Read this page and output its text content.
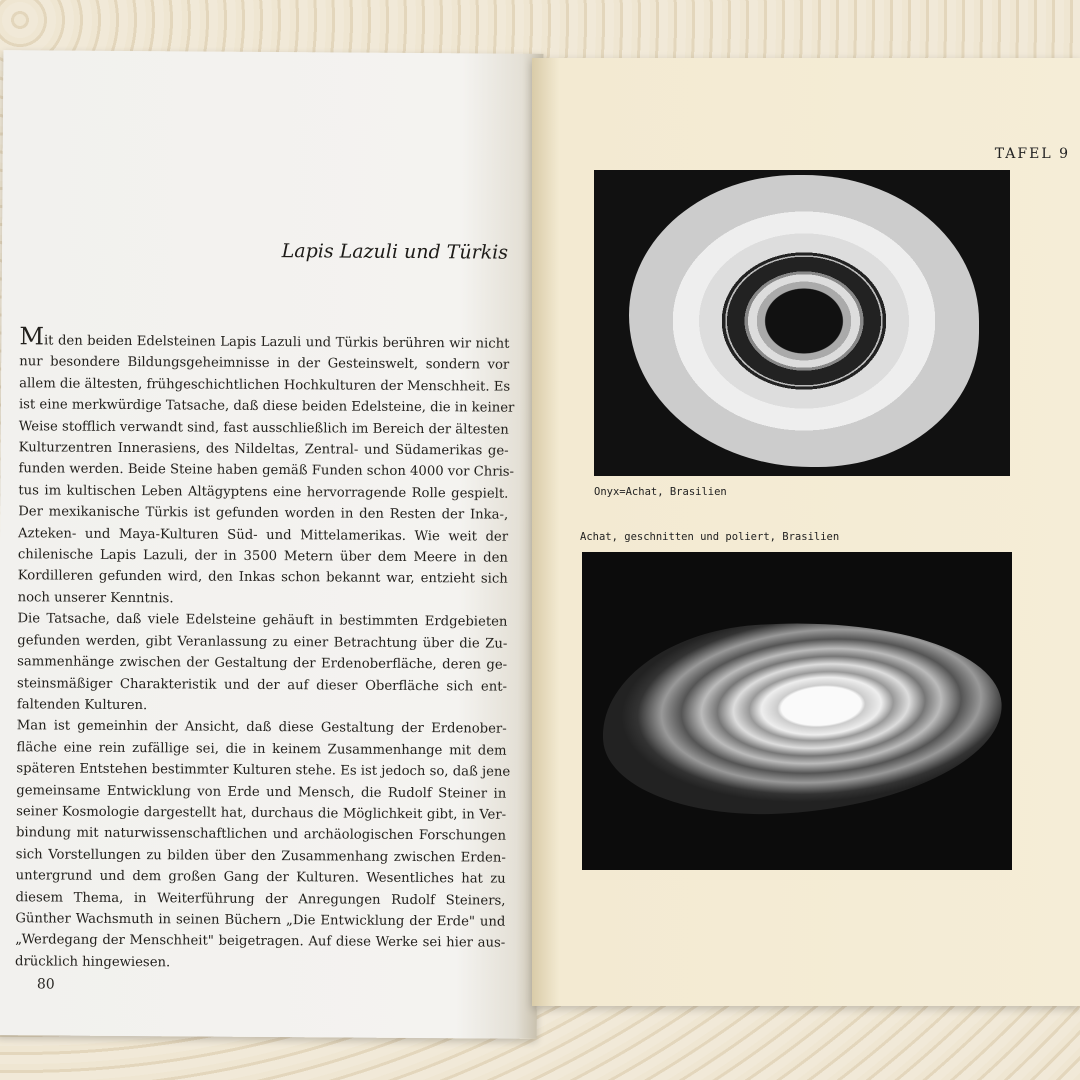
Lapis Lazuli und Türkis
Mit den beiden Edelsteinen Lapis Lazuli und Türkis berühren wir nicht
nur besondere Bildungsgeheimnisse in der Gesteinswelt, sondern vor
allem die ältesten, frühgeschichtlichen Hochkulturen der Menschheit. Es
ist eine merkwürdige Tatsache, daß diese beiden Edelsteine, die in keiner
Weise stofflich verwandt sind, fast ausschließlich im Bereich der ältesten
Kulturzentren Innerasiens, des Nildeltas, Zentral- und Südamerikas ge-
funden werden. Beide Steine haben gemäß Funden schon 4000 vor Chris-
tus im kultischen Leben Altägyptens eine hervorragende Rolle gespielt.
Der mexikanische Türkis ist gefunden worden in den Resten der Inka-,
Azteken- und Maya-Kulturen Süd- und Mittelamerikas. Wie weit der
chilenische Lapis Lazuli, der in 3500 Metern über dem Meere in den
Kordilleren gefunden wird, den Inkas schon bekannt war, entzieht sich
noch unserer Kenntnis.
Die Tatsache, daß viele Edelsteine gehäuft in bestimmten Erdgebieten
gefunden werden, gibt Veranlassung zu einer Betrachtung über die Zu-
sammenhänge zwischen der Gestaltung der Erdenoberfläche, deren ge-
steinsmäßiger Charakteristik und der auf dieser Oberfläche sich ent-
faltenden Kulturen.
Man ist gemeinhin der Ansicht, daß diese Gestaltung der Erdenober-
fläche eine rein zufällige sei, die in keinem Zusammenhange mit dem
späteren Entstehen bestimmter Kulturen stehe. Es ist jedoch so, daß jene
gemeinsame Entwicklung von Erde und Mensch, die Rudolf Steiner in
seiner Kosmologie dargestellt hat, durchaus die Möglichkeit gibt, in Ver-
bindung mit naturwissenschaftlichen und archäologischen Forschungen
sich Vorstellungen zu bilden über den Zusammenhang zwischen Erden-
untergrund und dem großen Gang der Kulturen. Wesentliches hat zu
diesem Thema, in Weiterführung der Anregungen Rudolf Steiners,
Günther Wachsmuth in seinen Büchern „Die Entwicklung der Erde" und
„Werdegang der Menschheit" beigetragen. Auf diese Werke sei hier aus-
drücklich hingewiesen.
80
TAFEL 9
Onyx=Achat, Brasilien
Achat, geschnitten und poliert, Brasilien
